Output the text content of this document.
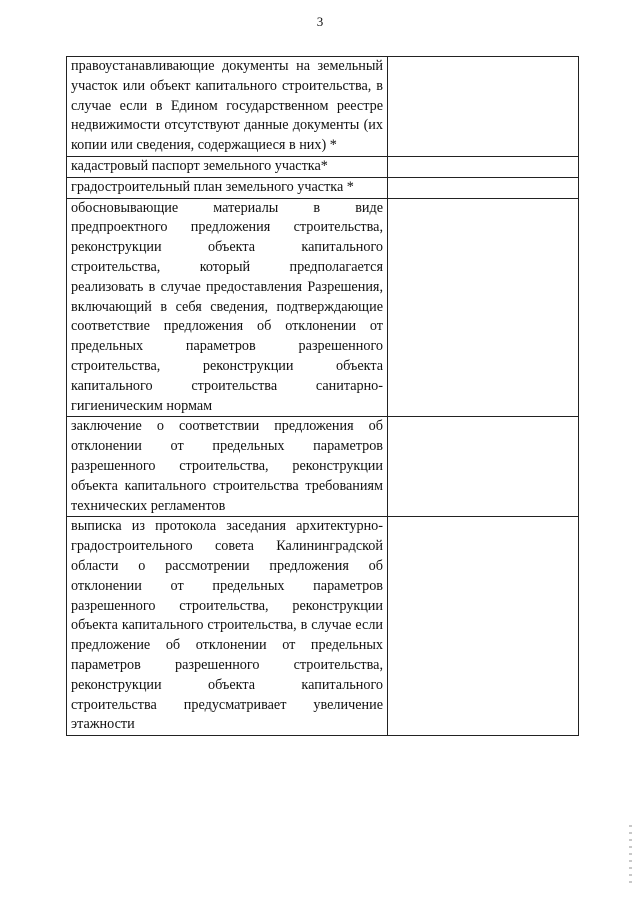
3
правоустанавливающие документы на земельный участок или объект капитального строительства, в случае если в Едином государственном реестре недвижимости отсутствуют данные документы (их копии или сведения, содержащиеся в них) *	
кадастровый паспорт земельного участка*	
градостроительный план земельного участка *	
обосновывающие материалы в виде предпроектного предложения строительства, реконструкции объекта капитального строительства, который предполагается реализовать в случае предоставления Разрешения, включающий в себя сведения, подтверждающие соответствие предложения об отклонении от предельных параметров разрешенного строительства, реконструкции объекта капитального строительства санитарно-гигиеническим нормам	
заключение о соответствии предложения об отклонении от предельных параметров разрешенного строительства, реконструкции объекта капитального строительства требованиям технических регламентов	
выписка из протокола заседания архитектурно-градостроительного совета Калининградской области о рассмотрении предложения об отклонении от предельных параметров разрешенного строительства, реконструкции объекта капитального строительства, в случае если предложение об отклонении от предельных параметров разрешенного строительства, реконструкции объекта капитального строительства предусматривает увеличение этажности	
